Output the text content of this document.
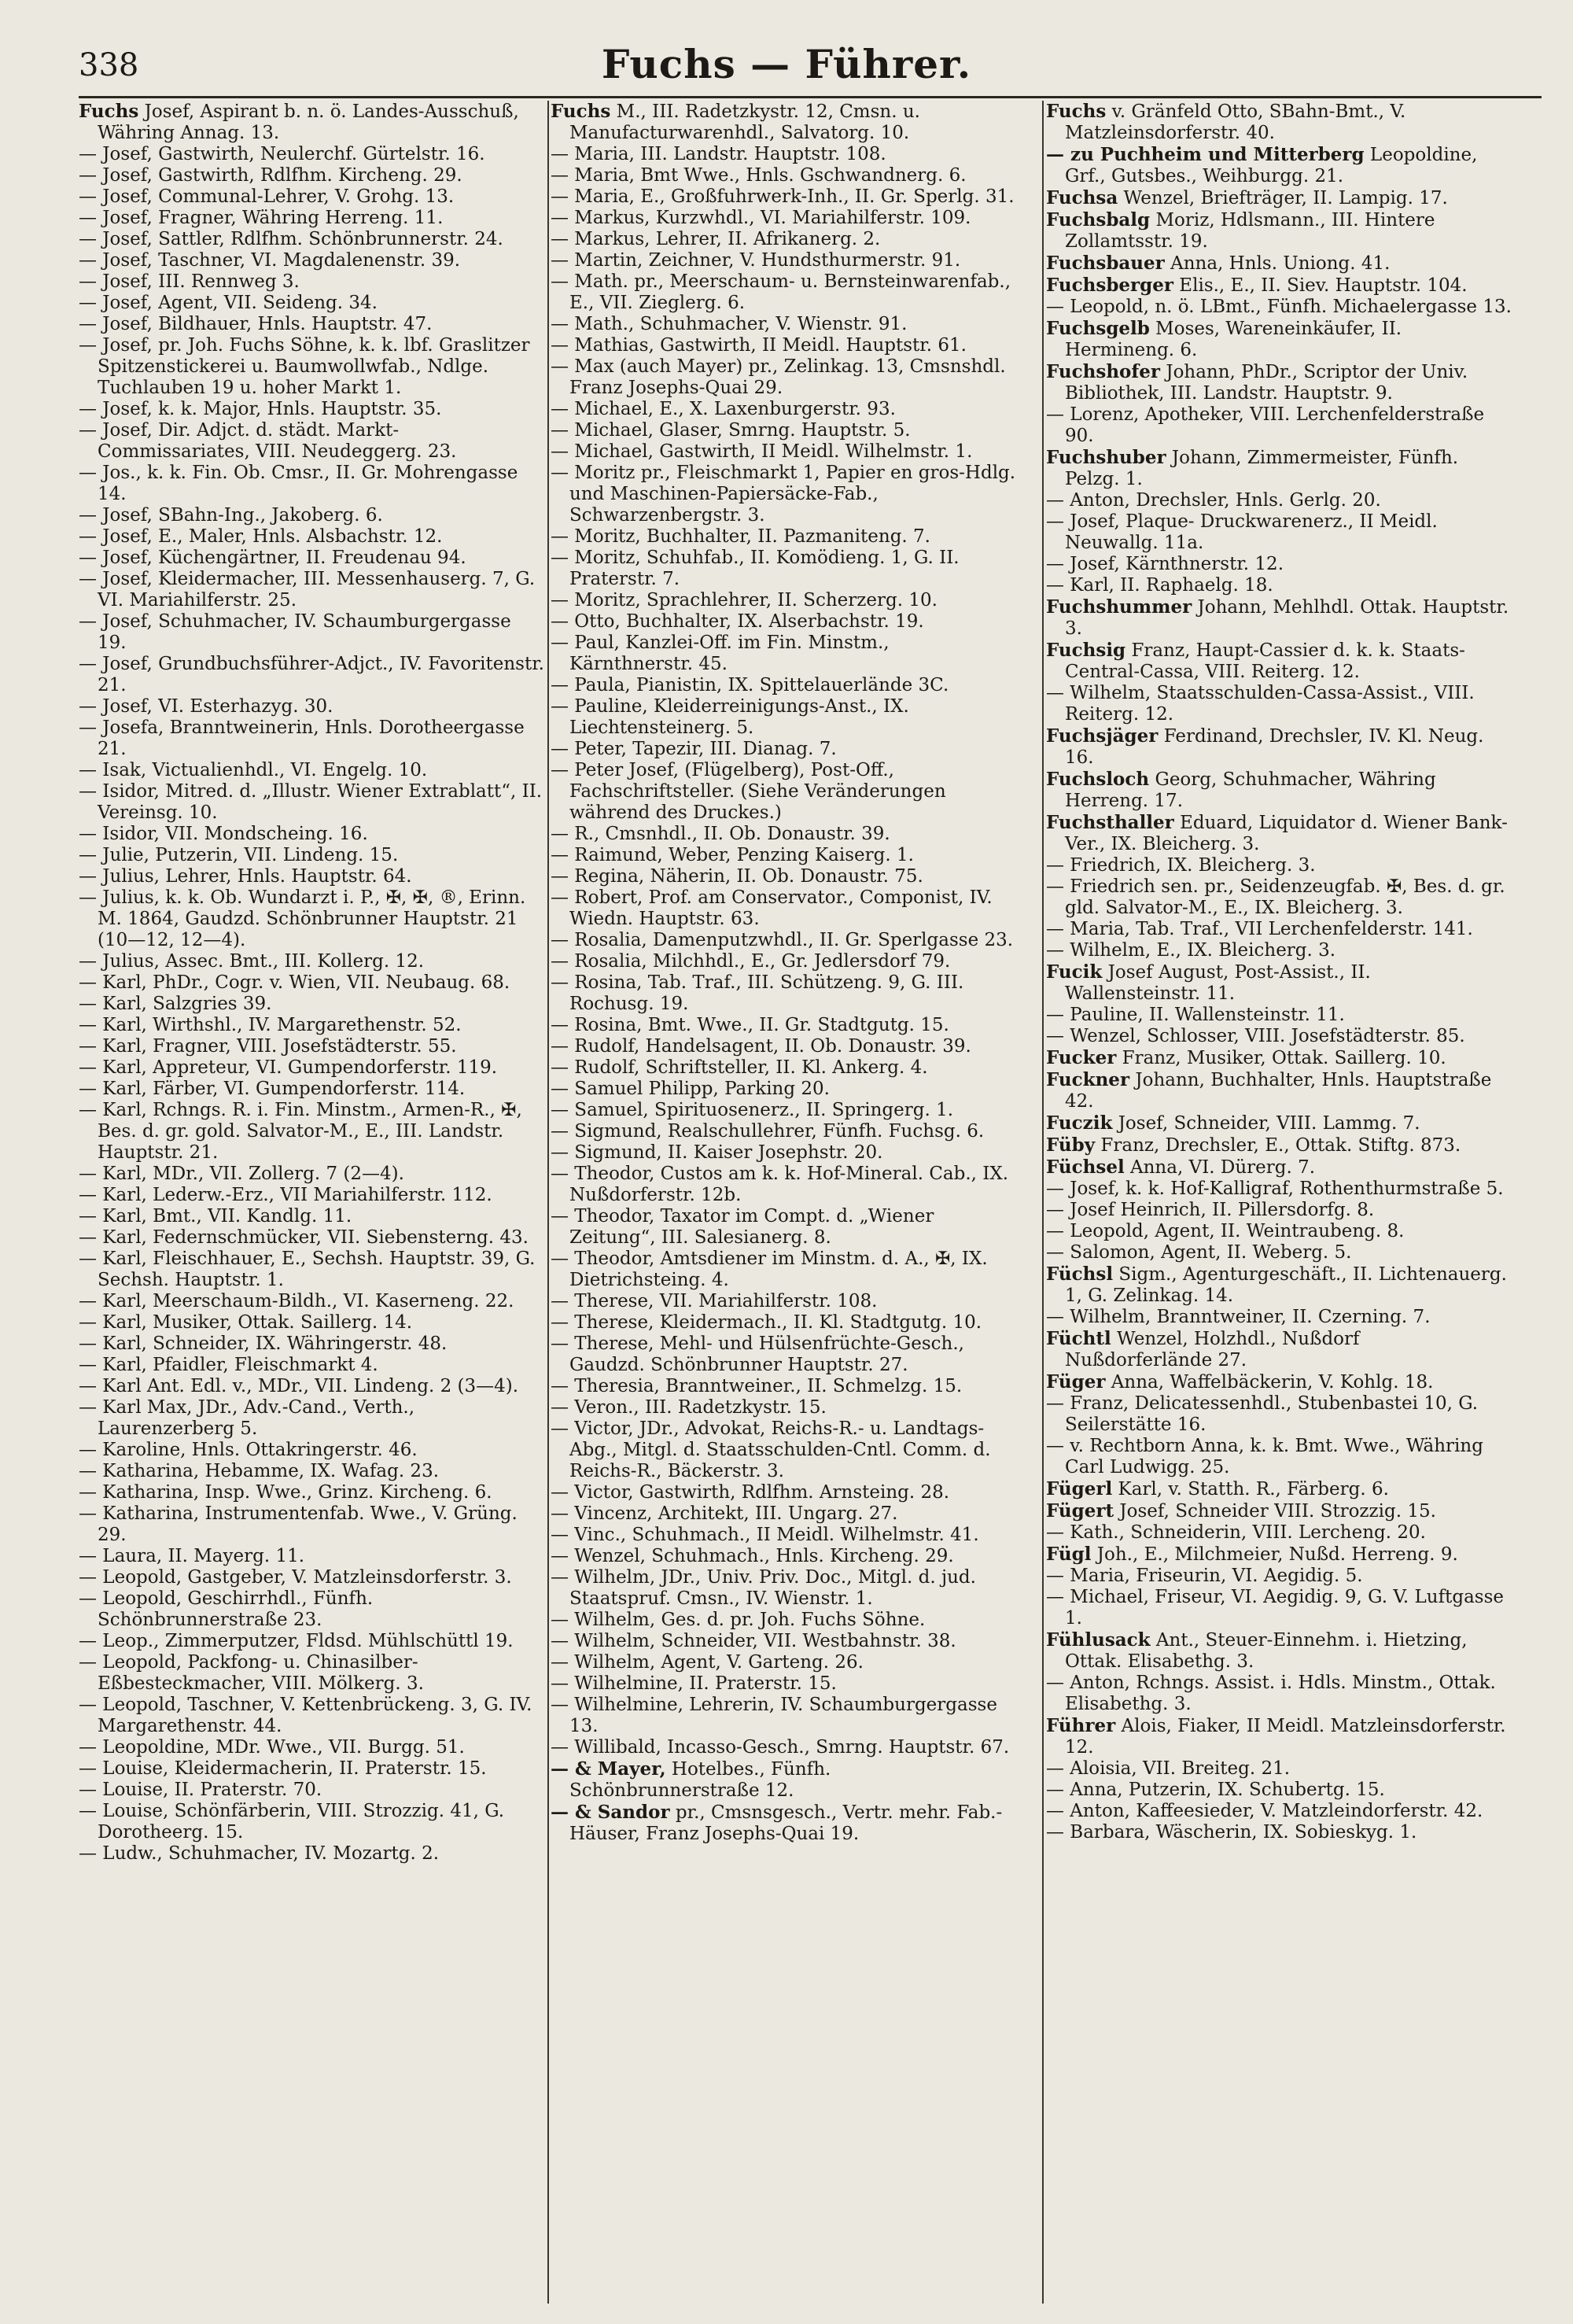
338	Fuchs — Führer.
Fuchs Josef, Aspirant b. n. ö. Landes-Ausschuß, Währing Annag. 13.
— Josef, Gastwirth, Neulerchf. Gürtelstr. 16.
— Josef, Gastwirth, Rdlfhm. Kircheng. 29.
— Josef, Communal-Lehrer, V. Grohg. 13.
— Josef, Fragner, Währing Herreng. 11.
— Josef, Sattler, Rdlfhm. Schönbrunnerstr. 24.
— Josef, Taschner, VI. Magdalenenstr. 39.
— Josef, III. Rennweg 3.
— Josef, Agent, VII. Seideng. 34.
— Josef, Bildhauer, Hnls. Hauptstr. 47.
— Josef, pr. Joh. Fuchs Söhne, k. k. lbf. Graslitzer Spitzenstickerei u. Baumwollwfab., Ndlge. Tuchlauben 19 u. hoher Markt 1.
— Josef, k. k. Major, Hnls. Hauptstr. 35.
— Josef, Dir. Adjct. d. städt. Markt-Commissariates, VIII. Neudeggerg. 23.
— Jos., k. k. Fin. Ob. Cmsr., II. Gr. Mohrengasse 14.
— Josef, SBahn-Ing., Jakoberg. 6.
— Josef, E., Maler, Hnls. Alsbachstr. 12.
— Josef, Küchengärtner, II. Freudenau 94.
— Josef, Kleidermacher, III. Messenhauserg. 7, G. VI. Mariahilferstr. 25.
— Josef, Schuhmacher, IV. Schaumburgergasse 19.
— Josef, Grundbuchsführer-Adjct., IV. Favoritenstr. 21.
— Josef, VI. Esterhazyg. 30.
— Josefa, Branntweinerin, Hnls. Dorotheergasse 21.
— Isak, Victualienhdl., VI. Engelg. 10.
— Isidor, Mitred. d. „Illustr. Wiener Extrablatt“, II. Vereinsg. 10.
— Isidor, VII. Mondscheing. 16.
— Julie, Putzerin, VII. Lindeng. 15.
— Julius, Lehrer, Hnls. Hauptstr. 64.
— Julius, k. k. Ob. Wundarzt i. P., ✠, ✠, ®, Erinn. M. 1864, Gaudzd. Schönbrunner Hauptstr. 21 (10—12, 12—4).
— Julius, Assec. Bmt., III. Kollerg. 12.
— Karl, PhDr., Cogr. v. Wien, VII. Neubaug. 68.
— Karl, Salzgries 39.
— Karl, Wirthshl., IV. Margarethenstr. 52.
— Karl, Fragner, VIII. Josefstädterstr. 55.
— Karl, Appreteur, VI. Gumpendorferstr. 119.
— Karl, Färber, VI. Gumpendorferstr. 114.
— Karl, Rchngs. R. i. Fin. Minstm., Armen-R., ✠, Bes. d. gr. gold. Salvator-M., E., III. Landstr. Hauptstr. 21.
— Karl, MDr., VII. Zollerg. 7 (2—4).
— Karl, Lederw.-Erz., VII Mariahilferstr. 112.
— Karl, Bmt., VII. Kandlg. 11.
— Karl, Federnschmücker, VII. Siebensterng. 43.
— Karl, Fleischhauer, E., Sechsh. Hauptstr. 39, G. Sechsh. Hauptstr. 1.
— Karl, Meerschaum-Bildh., VI. Kaserneng. 22.
— Karl, Musiker, Ottak. Saillerg. 14.
— Karl, Schneider, IX. Währingerstr. 48.
— Karl, Pfaidler, Fleischmarkt 4.
— Karl Ant. Edl. v., MDr., VII. Lindeng. 2 (3—4).
— Karl Max, JDr., Adv.-Cand., Verth., Laurenzerberg 5.
— Karoline, Hnls. Ottakringerstr. 46.
— Katharina, Hebamme, IX. Wafag. 23.
— Katharina, Insp. Wwe., Grinz. Kircheng. 6.
— Katharina, Instrumentenfab. Wwe., V. Grüng. 29.
— Laura, II. Mayerg. 11.
— Leopold, Gastgeber, V. Matzleinsdorferstr. 3.
— Leopold, Geschirrhdl., Fünfh. Schönbrunnerstraße 23.
— Leop., Zimmerputzer, Fldsd. Mühlschüttl 19.
— Leopold, Packfong- u. Chinasilber-Eßbesteckmacher, VIII. Mölkerg. 3.
— Leopold, Taschner, V. Kettenbrückeng. 3, G. IV. Margarethenstr. 44.
— Leopoldine, MDr. Wwe., VII. Burgg. 51.
— Louise, Kleidermacherin, II. Praterstr. 15.
— Louise, II. Praterstr. 70.
— Louise, Schönfärberin, VIII. Strozzig. 41, G. Dorotheerg. 15.
— Ludw., Schuhmacher, IV. Mozartg. 2.
Fuchs M., III. Radetzkystr. 12, Cmsn. u. Manufacturwarenhdl., Salvatorg. 10.
— Maria, III. Landstr. Hauptstr. 108.
— Maria, Bmt Wwe., Hnls. Gschwandnerg. 6.
— Maria, E., Großfuhrwerk-Inh., II. Gr. Sperlg. 31.
— Markus, Kurzwhdl., VI. Mariahilferstr. 109.
— Markus, Lehrer, II. Afrikanerg. 2.
— Martin, Zeichner, V. Hundsthurmerstr. 91.
— Math. pr., Meerschaum- u. Bernsteinwarenfab., E., VII. Zieglerg. 6.
— Math., Schuhmacher, V. Wienstr. 91.
— Mathias, Gastwirth, II Meidl. Hauptstr. 61.
— Max (auch Mayer) pr., Zelinkag. 13, Cmsnshdl. Franz Josephs-Quai 29.
— Michael, E., X. Laxenburgerstr. 93.
— Michael, Glaser, Smrng. Hauptstr. 5.
— Michael, Gastwirth, II Meidl. Wilhelmstr. 1.
— Moritz pr., Fleischmarkt 1, Papier en gros-Hdlg. und Maschinen-Papiersäcke-Fab., Schwarzenbergstr. 3.
— Moritz, Buchhalter, II. Pazmaniteng. 7.
— Moritz, Schuhfab., II. Komödieng. 1, G. II. Praterstr. 7.
— Moritz, Sprachlehrer, II. Scherzerg. 10.
— Otto, Buchhalter, IX. Alserbachstr. 19.
— Paul, Kanzlei-Off. im Fin. Minstm., Kärnthnerstr. 45.
— Paula, Pianistin, IX. Spittelauerlände 3C.
— Pauline, Kleiderreinigungs-Anst., IX. Liechtensteinerg. 5.
— Peter, Tapezir, III. Dianag. 7.
— Peter Josef, (Flügelberg), Post-Off., Fachschriftsteller. (Siehe Veränderungen während des Druckes.)
— R., Cmsnhdl., II. Ob. Donaustr. 39.
— Raimund, Weber, Penzing Kaiserg. 1.
— Regina, Näherin, II. Ob. Donaustr. 75.
— Robert, Prof. am Conservator., Componist, IV. Wiedn. Hauptstr. 63.
— Rosalia, Damenputzwhdl., II. Gr. Sperlgasse 23.
— Rosalia, Milchhdl., E., Gr. Jedlersdorf 79.
— Rosina, Tab. Traf., III. Schützeng. 9, G. III. Rochusg. 19.
— Rosina, Bmt. Wwe., II. Gr. Stadtgutg. 15.
— Rudolf, Handelsagent, II. Ob. Donaustr. 39.
— Rudolf, Schriftsteller, II. Kl. Ankerg. 4.
— Samuel Philipp, Parking 20.
— Samuel, Spirituosenerz., II. Springerg. 1.
— Sigmund, Realschullehrer, Fünfh. Fuchsg. 6.
— Sigmund, II. Kaiser Josephstr. 20.
— Theodor, Custos am k. k. Hof-Mineral. Cab., IX. Nußdorferstr. 12b.
— Theodor, Taxator im Compt. d. „Wiener Zeitung“, III. Salesianerg. 8.
— Theodor, Amtsdiener im Minstm. d. A., ✠, IX. Dietrichsteing. 4.
— Therese, VII. Mariahilferstr. 108.
— Therese, Kleidermach., II. Kl. Stadtgutg. 10.
— Therese, Mehl- und Hülsenfrüchte-Gesch., Gaudzd. Schönbrunner Hauptstr. 27.
— Theresia, Branntweiner., II. Schmelzg. 15.
— Veron., III. Radetzkystr. 15.
— Victor, JDr., Advokat, Reichs-R.- u. Landtags-Abg., Mitgl. d. Staatsschulden-Cntl. Comm. d. Reichs-R., Bäckerstr. 3.
— Victor, Gastwirth, Rdlfhm. Arnsteing. 28.
— Vincenz, Architekt, III. Ungarg. 27.
— Vinc., Schuhmach., II Meidl. Wilhelmstr. 41.
— Wenzel, Schuhmach., Hnls. Kircheng. 29.
— Wilhelm, JDr., Univ. Priv. Doc., Mitgl. d. jud. Staatspruf. Cmsn., IV. Wienstr. 1.
— Wilhelm, Ges. d. pr. Joh. Fuchs Söhne.
— Wilhelm, Schneider, VII. Westbahnstr. 38.
— Wilhelm, Agent, V. Garteng. 26.
— Wilhelmine, II. Praterstr. 15.
— Wilhelmine, Lehrerin, IV. Schaumburgergasse 13.
— Willibald, Incasso-Gesch., Smrng. Hauptstr. 67.
— & Mayer, Hotelbes., Fünfh. Schönbrunnerstraße 12.
— & Sandor pr., Cmsnsgesch., Vertr. mehr. Fab.-Häuser, Franz Josephs-Quai 19.
Fuchs v. Gränfeld Otto, SBahn-Bmt., V. Matzleinsdorferstr. 40.
— zu Puchheim und Mitterberg Leopoldine, Grf., Gutsbes., Weihburgg. 21.
Fuchsa Wenzel, Briefträger, II. Lampig. 17.
Fuchsbalg Moriz, Hdlsmann., III. Hintere Zollamtsstr. 19.
Fuchsbauer Anna, Hnls. Uniong. 41.
Fuchsberger Elis., E., II. Siev. Hauptstr. 104.
— Leopold, n. ö. LBmt., Fünfh. Michaelergasse 13.
Fuchsgelb Moses, Wareneinkäufer, II. Hermineng. 6.
Fuchshofer Johann, PhDr., Scriptor der Univ. Bibliothek, III. Landstr. Hauptstr. 9.
— Lorenz, Apotheker, VIII. Lerchenfelderstraße 90.
Fuchshuber Johann, Zimmermeister, Fünfh. Pelzg. 1.
— Anton, Drechsler, Hnls. Gerlg. 20.
— Josef, Plaque- Druckwarenerz., II Meidl. Neuwallg. 11a.
— Josef, Kärnthnerstr. 12.
— Karl, II. Raphaelg. 18.
Fuchshummer Johann, Mehlhdl. Ottak. Hauptstr. 3.
Fuchsig Franz, Haupt-Cassier d. k. k. Staats-Central-Cassa, VIII. Reiterg. 12.
— Wilhelm, Staatsschulden-Cassa-Assist., VIII. Reiterg. 12.
Fuchsjäger Ferdinand, Drechsler, IV. Kl. Neug. 16.
Fuchsloch Georg, Schuhmacher, Währing Herreng. 17.
Fuchsthaller Eduard, Liquidator d. Wiener Bank-Ver., IX. Bleicherg. 3.
— Friedrich, IX. Bleicherg. 3.
— Friedrich sen. pr., Seidenzeugfab. ✠, Bes. d. gr. gld. Salvator-M., E., IX. Bleicherg. 3.
— Maria, Tab. Traf., VII Lerchenfelderstr. 141.
— Wilhelm, E., IX. Bleicherg. 3.
Fucik Josef August, Post-Assist., II. Wallensteinstr. 11.
— Pauline, II. Wallensteinstr. 11.
— Wenzel, Schlosser, VIII. Josefstädterstr. 85.
Fucker Franz, Musiker, Ottak. Saillerg. 10.
Fuckner Johann, Buchhalter, Hnls. Hauptstraße 42.
Fuczik Josef, Schneider, VIII. Lammg. 7.
Füby Franz, Drechsler, E., Ottak. Stiftg. 873.
Füchsel Anna, VI. Dürerg. 7.
— Josef, k. k. Hof-Kalligraf, Rothenthurmstraße 5.
— Josef Heinrich, II. Pillersdorfg. 8.
— Leopold, Agent, II. Weintraubeng. 8.
— Salomon, Agent, II. Weberg. 5.
Füchsl Sigm., Agenturgeschäft., II. Lichtenauerg. 1, G. Zelinkag. 14.
— Wilhelm, Branntweiner, II. Czerning. 7.
Füchtl Wenzel, Holzhdl., Nußdorf Nußdorferlände 27.
Füger Anna, Waffelbäckerin, V. Kohlg. 18.
— Franz, Delicatessenhdl., Stubenbastei 10, G. Seilerstätte 16.
— v. Rechtborn Anna, k. k. Bmt. Wwe., Währing Carl Ludwigg. 25.
Fügerl Karl, v. Statth. R., Färberg. 6.
Fügert Josef, Schneider VIII. Strozzig. 15.
— Kath., Schneiderin, VIII. Lercheng. 20.
Fügl Joh., E., Milchmeier, Nußd. Herreng. 9.
— Maria, Friseurin, VI. Aegidig. 5.
— Michael, Friseur, VI. Aegidig. 9, G. V. Luftgasse 1.
Fühlusack Ant., Steuer-Einnehm. i. Hietzing, Ottak. Elisabethg. 3.
— Anton, Rchngs. Assist. i. Hdls. Minstm., Ottak. Elisabethg. 3.
Führer Alois, Fiaker, II Meidl. Matzleinsdorferstr. 12.
— Aloisia, VII. Breiteg. 21.
— Anna, Putzerin, IX. Schubertg. 15.
— Anton, Kaffeesieder, V. Matzleindorferstr. 42.
— Barbara, Wäscherin, IX. Sobieskyg. 1.
